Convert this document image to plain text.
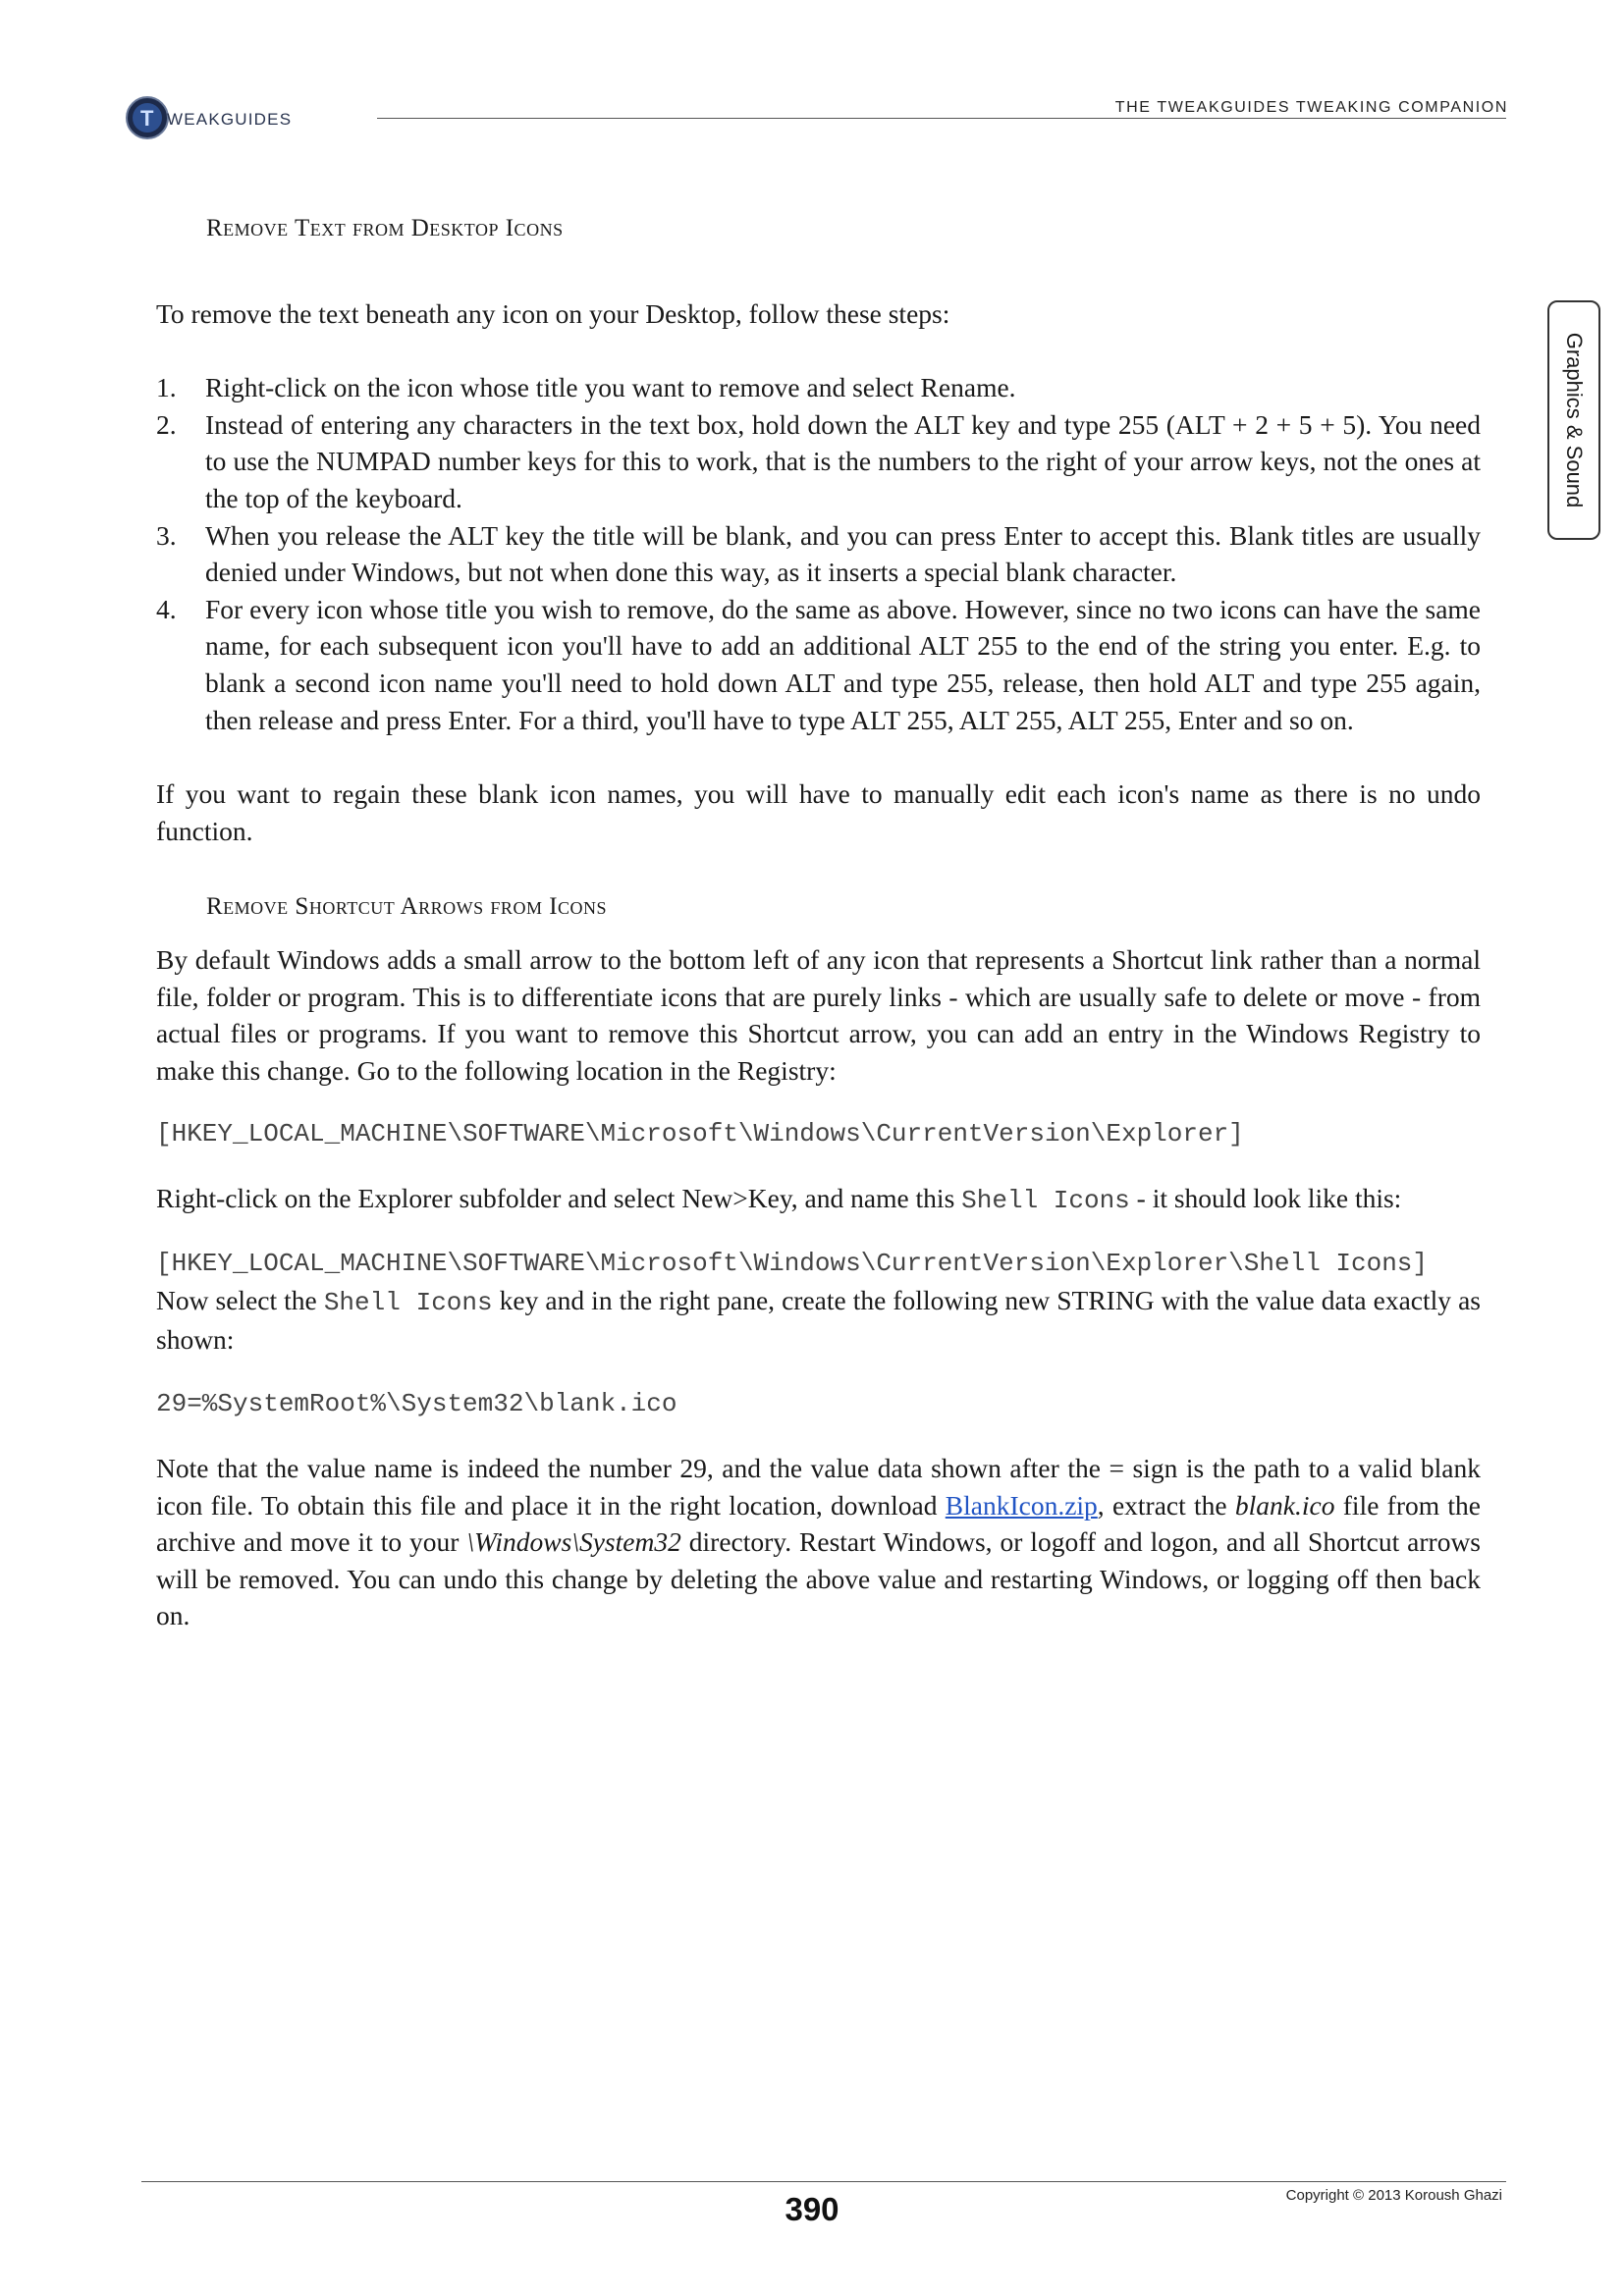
T WEAKGUIDES
THE TWEAKGUIDES TWEAKING COMPANION
Graphics & Sound
Remove Text from Desktop Icons

To remove the text beneath any icon on your Desktop, follow these steps:

1. Right-click on the icon whose title you want to remove and select Rename.
2. Instead of entering any characters in the text box, hold down the ALT key and type 255 (ALT + 2 + 5 + 5). You need to use the NUMPAD number keys for this to work, that is the numbers to the right of your arrow keys, not the ones at the top of the keyboard.
3. When you release the ALT key the title will be blank, and you can press Enter to accept this. Blank titles are usually denied under Windows, but not when done this way, as it inserts a special blank character.
4. For every icon whose title you wish to remove, do the same as above. However, since no two icons can have the same name, for each subsequent icon you'll have to add an additional ALT 255 to the end of the string you enter. E.g. to blank a second icon name you'll need to hold down ALT and type 255, release, then hold ALT and type 255 again, then release and press Enter. For a third, you'll have to type ALT 255, ALT 255, ALT 255, Enter and so on.

If you want to regain these blank icon names, you will have to manually edit each icon's name as there is no undo function.

Remove Shortcut Arrows from Icons

By default Windows adds a small arrow to the bottom left of any icon that represents a Shortcut link rather than a normal file, folder or program. This is to differentiate icons that are purely links - which are usually safe to delete or move - from actual files or programs. If you want to remove this Shortcut arrow, you can add an entry in the Windows Registry to make this change. Go to the following location in the Registry:

[HKEY_LOCAL_MACHINE\SOFTWARE\Microsoft\Windows\CurrentVersion\Explorer]

Right-click on the Explorer subfolder and select New>Key, and name this Shell Icons - it should look like this:

[HKEY_LOCAL_MACHINE\SOFTWARE\Microsoft\Windows\CurrentVersion\Explorer\Shell Icons]

Now select the Shell Icons key and in the right pane, create the following new STRING with the value data exactly as shown:

29=%SystemRoot%\System32\blank.ico

Note that the value name is indeed the number 29, and the value data shown after the = sign is the path to a valid blank icon file. To obtain this file and place it in the right location, download BlankIcon.zip, extract the blank.ico file from the archive and move it to your \Windows\System32 directory. Restart Windows, or logoff and logon, and all Shortcut arrows will be removed. You can undo this change by deleting the above value and restarting Windows, or logging off then back on.

390	Copyright © 2013 Koroush Ghazi
